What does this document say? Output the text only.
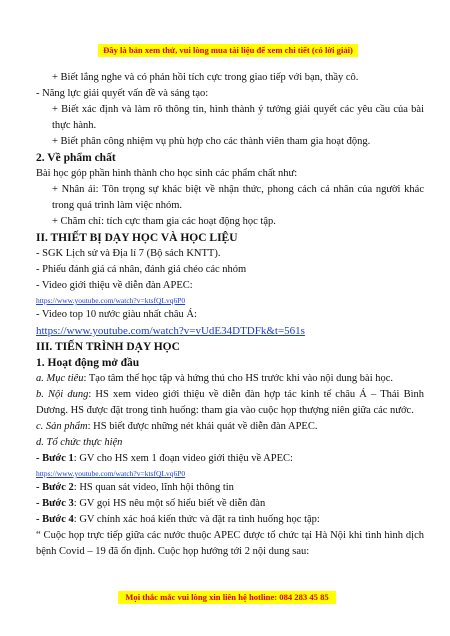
Đây là bản xem thử, vui lòng mua tài liệu để xem chi tiết (có lời giải)
+ Biết lắng nghe và có phản hồi tích cực trong giao tiếp với bạn, thầy cô.
- Năng lực giải quyết vấn đề và sáng tạo:
+ Biết xác định và làm rõ thông tin, hình thành ý tưởng giải quyết các yêu cầu của bài thực hành.
+ Biết phân công nhiệm vụ phù hợp cho các thành viên tham gia hoạt động.
2. Về phẩm chất
Bài học góp phần hình thành cho học sinh các phẩm chất như:
+ Nhân ái: Tôn trọng sự khác biệt về nhận thức, phong cách cá nhân của người khác trong quá trình làm việc nhóm.
+ Chăm chỉ: tích cực tham gia các hoạt động học tập.
II. THIẾT BỊ DẠY HỌC VÀ HỌC LIỆU
- SGK Lịch sử và Địa lí 7 (Bộ sách KNTT).
- Phiếu đánh giá cá nhân, đánh giá chéo các nhóm
- Video giới thiệu về diễn đàn APEC:
https://www.youtube.com/watch?v=ktsfQLvq6P0
- Video top 10 nước giàu nhất châu Á:
https://www.youtube.com/watch?v=vUdE34DTDFk&t=561s
III. TIẾN TRÌNH DẠY HỌC
1. Hoạt động mở đầu
a. Mục tiêu: Tạo tâm thế học tập và hứng thú cho HS trước khi vào nội dung bài học.
b. Nội dung: HS xem video giới thiệu về diễn đàn hợp tác kinh tế châu Á – Thái Bình Dương. HS được đặt trong tình huống: tham gia vào cuộc họp thượng niên giữa các nước.
c. Sản phẩm: HS biết được những nét khái quát về diễn đàn APEC.
d. Tổ chức thực hiện
- Bước 1: GV cho HS xem 1 đoạn video giới thiệu về APEC:
https://www.youtube.com/watch?v=ktsfQLvq6P0
- Bước 2: HS quan sát video, lĩnh hội thông tin
- Bước 3: GV gọi HS nêu một số hiểu biết về diễn đàn
- Bước 4: GV chính xác hoá kiến thức và đặt ra tình huống học tập:
“ Cuộc họp trực tiếp giữa các nước thuộc APEC được tổ chức tại Hà Nội khi tình hình dịch bệnh Covid – 19 đã ổn định. Cuộc họp hướng tới 2 nội dung sau:
Mọi thắc mắc vui lòng xin liên hệ hotline: 084 283 45 85
